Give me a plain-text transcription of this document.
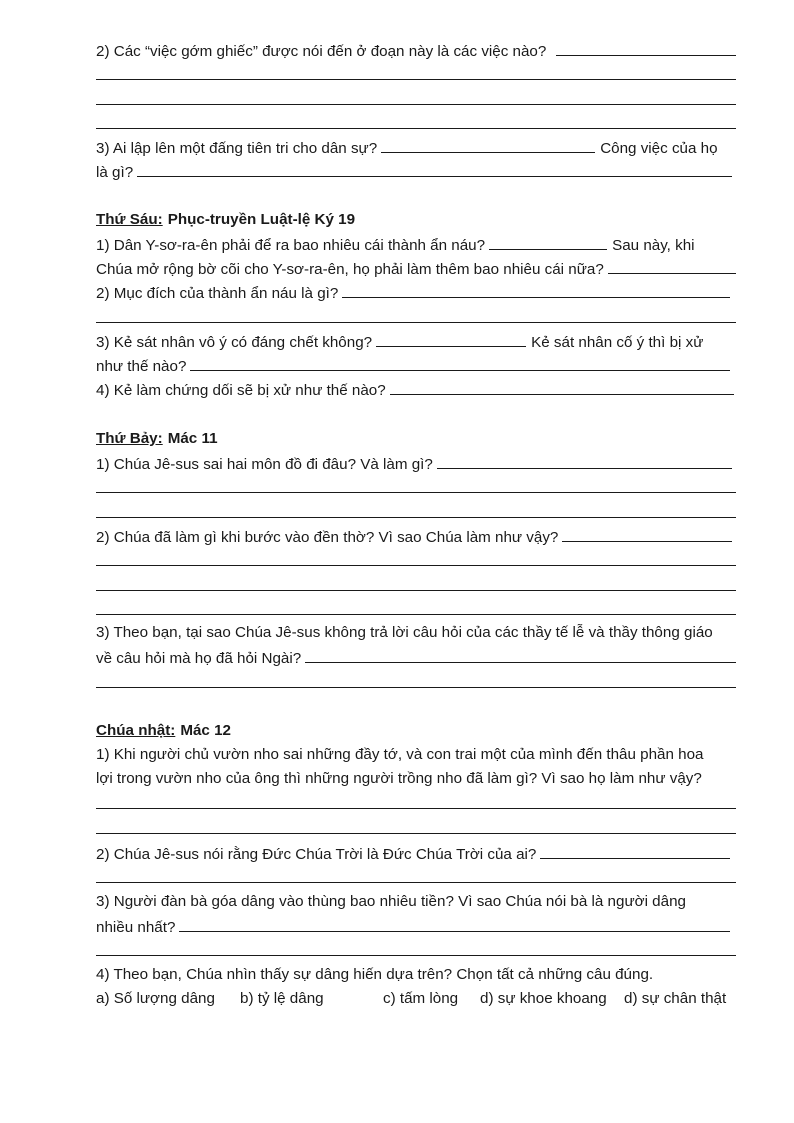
2) Các “việc gớm ghiếc” được nói đến ở đoạn này là các việc nào?
3) Ai lập lên một đấng tiên tri cho dân sự?	Công việc của họ
là gì?
Thứ Sáu: Phục-truyền Luật-lệ Ký 19
1) Dân Y-sơ-ra-ên phải để ra bao nhiêu cái thành ẩn náu?	Sau này, khi
Chúa mở rộng bờ cõi cho Y-sơ-ra-ên, họ phải làm thêm bao nhiêu cái nữa?
2) Mục đích của thành ẩn náu là gì?
3) Kẻ sát nhân vô ý có đáng chết không?	Kẻ sát nhân cố ý thì bị xử
như thế nào?
4) Kẻ làm chứng dối sẽ bị xử như thế nào?
Thứ Bảy: Mác 11
1) Chúa Jê-sus sai hai môn đồ đi đâu? Và làm gì?
2) Chúa đã làm gì khi bước vào đền thờ? Vì sao Chúa làm như vậy?
3) Theo bạn, tại sao Chúa Jê-sus không trả lời câu hỏi của các thầy tế lễ và thầy thông giáo
về câu hỏi mà họ đã hỏi Ngài?
Chúa nhật: Mác 12
1) Khi người chủ vườn nho sai những đầy tớ, và con trai một của mình đến thâu phần hoa
lợi trong vườn nho của ông thì những người trồng nho đã làm gì? Vì sao họ làm như vậy?
2) Chúa Jê-sus nói rằng Đức Chúa Trời là Đức Chúa Trời của ai?
3) Người đàn bà góa dâng vào thùng bao nhiêu tiền? Vì sao Chúa nói bà là người dâng
nhiều nhất?
4) Theo bạn, Chúa nhìn thấy sự dâng hiến dựa trên? Chọn tất cả những câu đúng.
a) Số lượng dâng b) tỷ lệ dâng	c) tấm lòng d) sự khoe khoang d) sự chân thật
